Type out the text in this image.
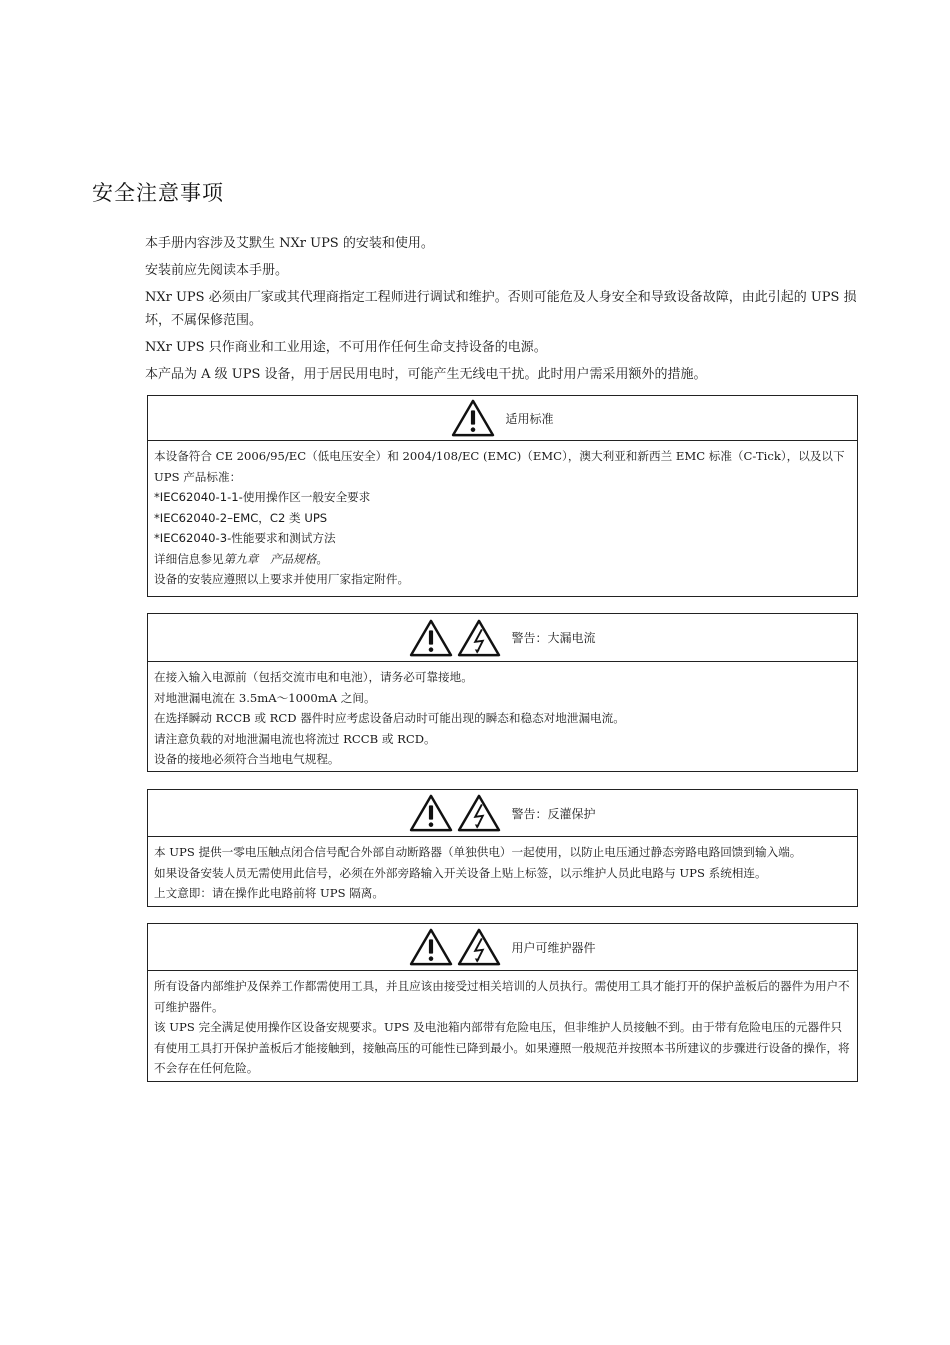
安全注意事项

本手册内容涉及艾默生 NXr UPS 的安装和使用。

安装前应先阅读本手册。

NXr UPS 必须由厂家或其代理商指定工程师进行调试和维护。否则可能危及人身安全和导致设备故障，由此引起的 UPS 损坏，不属保修范围。

NXr UPS 只作商业和工业用途，不可用作任何生命支持设备的电源。

本产品为 A 级 UPS 设备，用于居民用电时，可能产生无线电干扰。此时用户需采用额外的措施。

适用标准

本设备符合 CE 2006/95/EC（低电压安全）和 2004/108/EC (EMC)（EMC），澳大利亚和新西兰 EMC 标准（C-Tick），以及以下 UPS 产品标准：

*IEC62040-1-1-使用操作区一般安全要求

*IEC62040-2–EMC，C2 类 UPS

*IEC62040-3-性能要求和测试方法

详细信息参见第九章　产品规格。

设备的安装应遵照以上要求并使用厂家指定附件。

警告：大漏电流

在接入输入电源前（包括交流市电和电池），请务必可靠接地。

对地泄漏电流在 3.5mA～1000mA 之间。

在选择瞬动 RCCB 或 RCD 器件时应考虑设备启动时可能出现的瞬态和稳态对地泄漏电流。

请注意负载的对地泄漏电流也将流过 RCCB 或 RCD。

设备的接地必须符合当地电气规程。

警告：反灌保护

本 UPS 提供一零电压触点闭合信号配合外部自动断路器（单独供电）一起使用，以防止电压通过静态旁路电路回馈到输入端。

如果设备安装人员无需使用此信号，必须在外部旁路输入开关设备上贴上标签，以示维护人员此电路与 UPS 系统相连。

上文意即：请在操作此电路前将 UPS 隔离。

用户可维护器件

所有设备内部维护及保养工作都需使用工具，并且应该由接受过相关培训的人员执行。需使用工具才能打开的保护盖板后的器件为用户不可维护器件。

该 UPS 完全满足使用操作区设备安规要求。UPS 及电池箱内部带有危险电压，但非维护人员接触不到。由于带有危险电压的元器件只有使用工具打开保护盖板后才能接触到，接触高压的可能性已降到最小。如果遵照一般规范并按照本书所建议的步骤进行设备的操作，将不会存在任何危险。
